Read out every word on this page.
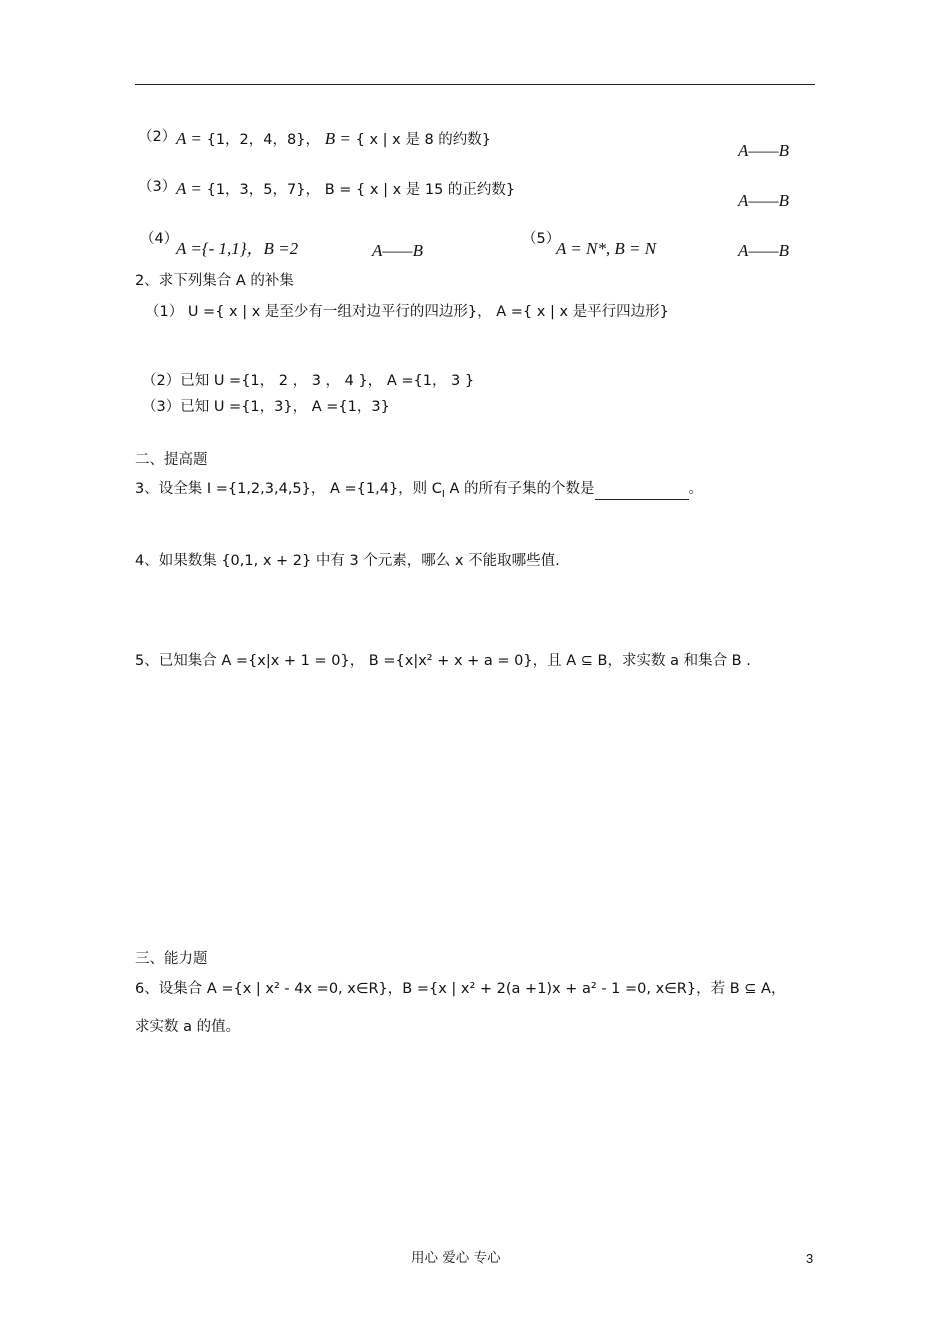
（2） A = {1，2，4，8}， B = { x | x 是 8 的约数}
A——B
（3） A = {1，3，5，7}， B = { x | x 是 15 的正约数}
A——B
（4）
A ={- 1,1}，B =2	A——B
（5）
A = N*, B = N	A——B
2、求下列集合 A 的补集
（1） U ={ x | x 是至少有一组对边平行的四边形}， A ={ x | x 是平行四边形}
（2）已知 U ={1， 2 ， 3 ， 4 }， A ={1， 3 }
（3）已知 U ={1，3}， A ={1，3}
二、提高题
3、设全集 I ={1,2,3,4,5}， A ={1,4}，则 $C_I$ A 的所有子集的个数是	。
4、如果数集 {0,1, x + 2} 中有 3 个元素，哪么 x 不能取哪些值.
5、已知集合 A ={x|x + 1 = 0}， B ={x|x² + x + a = 0}，且 A ⊆ B，求实数 a 和集合 B .
三、能力题
6、设集合 A ={x | x² - 4x =0, x∈R}，B ={x | x² + 2(a +1)x + a² - 1 =0, x∈R}，若 B ⊆ A，
求实数 a 的值。
用心 爱心 专心	3
